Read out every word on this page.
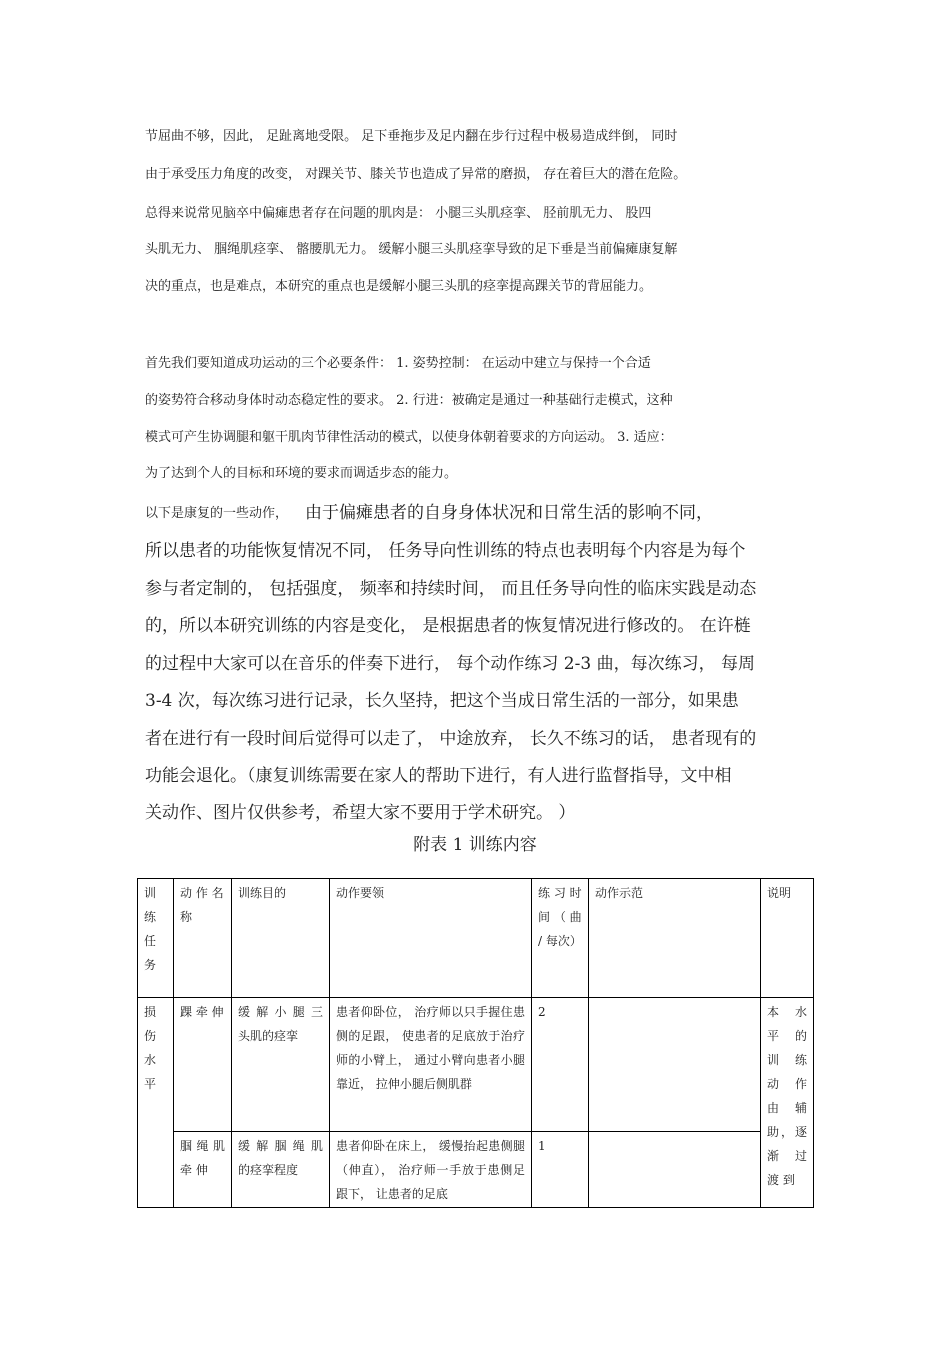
节屈曲不够，因此， 足趾离地受限。 足下垂拖步及足内翻在步行过程中极易造成绊倒， 同时
由于承受压力角度的改变， 对踝关节、膝关节也造成了异常的磨损， 存在着巨大的潜在危险。
总得来说常见脑卒中偏瘫患者存在问题的肌肉是： 小腿三头肌痉挛、 胫前肌无力、 股四
头肌无力、 腘绳肌痉挛、 髂腰肌无力。 缓解小腿三头肌痉挛导致的足下垂是当前偏瘫康复解
决的重点，也是难点，本研究的重点也是缓解小腿三头肌的痉挛提高踝关节的背屈能力。
首先我们要知道成功运动的三个必要条件： 1. 姿势控制： 在运动中建立与保持一个合适
的姿势符合移动身体时动态稳定性的要求。 2. 行进：被确定是通过一种基础行走模式，这种
模式可产生协调腿和躯干肌肉节律性活动的模式，以使身体朝着要求的方向运动。 3. 适应：
为了达到个人的目标和环境的要求而调适步态的能力。
以下是康复的一些动作， 由于偏瘫患者的自身身体状况和日常生活的影响不同，
所以患者的功能恢复情况不同， 任务导向性训练的特点也表明每个内容是为每个
参与者定制的， 包括强度， 频率和持续时间， 而且任务导向性的临床实践是动态
的，所以本研究训练的内容是变化， 是根据患者的恢复情况进行修改的。 在许梿
的过程中大家可以在音乐的伴奏下进行， 每个动作练习 2-3 曲，每次练习， 每周
3-4 次，每次练习进行记录，长久坚持，把这个当成日常生活的一部分，如果患
者在进行有一段时间后觉得可以走了， 中途放弃， 长久不练习的话， 患者现有的
功能会退化。（康复训练需要在家人的帮助下进行，有人进行监督指导，文中相
关动作、图片仅供参考，希望大家不要用于学术研究。 ）
附表 1 训练内容
训 练 任 务	动 作 名称	训练目的	动作要领	练 习 时 间 （ 曲 / 每次）	动作示范	说明
损 伤 水 平	踝 牵 伸	缓 解 小 腿 三 头肌的痉挛	患者仰卧位， 治疗师以只手握住患侧的足跟， 使患者的足底放于治疗师的小臂上， 通过小臂向患者小腿靠近， 拉伸小腿后侧肌群	2		本 水 平 的 训 练 动 作 由 辅 助，逐 渐 过 渡 到
	腘 绳 肌 牵 伸	缓 解 腘 绳 肌 的痉挛程度	患者仰卧在床上， 缓慢抬起患侧腿（伸直）， 治疗师一手放于患侧足跟下， 让患者的足底	1		
